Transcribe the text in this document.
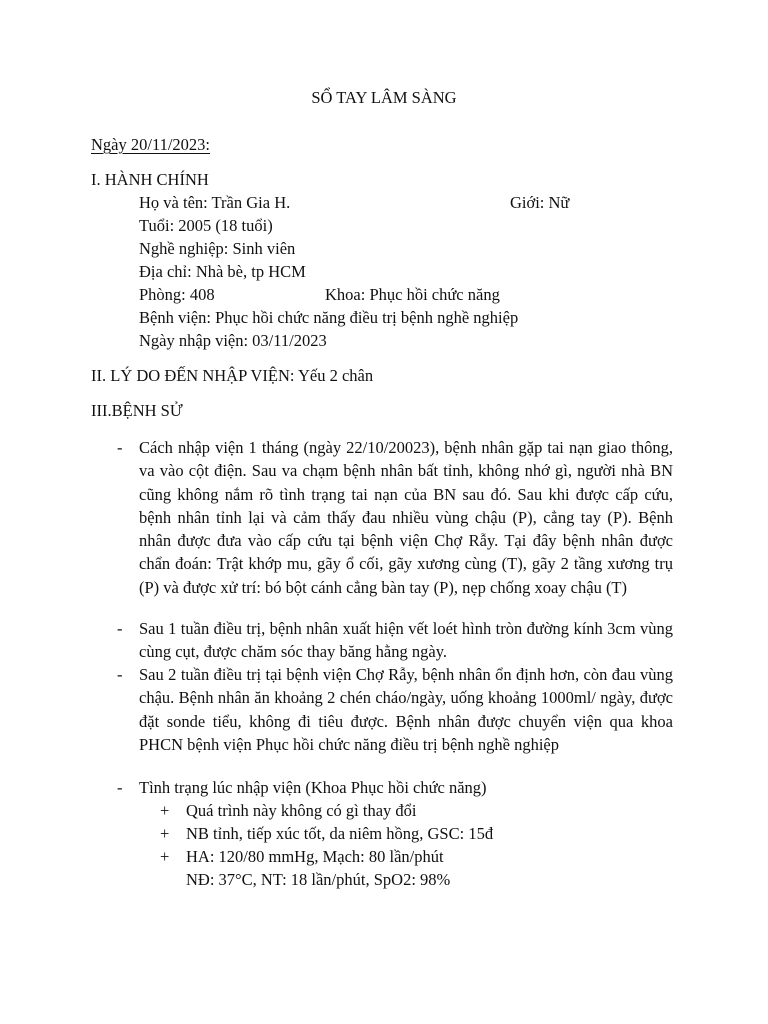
SỔ TAY LÂM SÀNG
Ngày 20/11/2023:
I. HÀNH CHÍNH
Họ và tên: Trần Gia H.	Giới: Nữ
Tuổi: 2005 (18 tuổi)
Nghề nghiệp: Sinh viên
Địa chỉ: Nhà bè, tp HCM
Phòng: 408	Khoa: Phục hồi chức năng
Bệnh viện: Phục hồi chức năng điều trị bệnh nghề nghiệp
Ngày nhập viện: 03/11/2023
II. LÝ DO ĐẾN NHẬP VIỆN: Yếu 2 chân
III.BỆNH SỬ
- Cách nhập viện 1 tháng (ngày 22/10/20023), bệnh nhân gặp tai nạn giao thông, va vào cột điện. Sau va chạm bệnh nhân bất tỉnh, không nhớ gì, người nhà BN cũng không nắm rõ tình trạng tai nạn của BN sau đó. Sau khi được cấp cứu, bệnh nhân tỉnh lại và cảm thấy đau nhiều vùng chậu (P), cẳng tay (P). Bệnh nhân được đưa vào cấp cứu tại bệnh viện Chợ Rẫy. Tại đây bệnh nhân được chẩn đoán: Trật khớp mu, gãy ổ cối, gãy xương cùng (T), gãy 2 tầng xương trụ (P) và được xử trí: bó bột cánh cẳng bàn tay (P), nẹp chống xoay chậu (T)
- Sau 1 tuần điều trị, bệnh nhân xuất hiện vết loét hình tròn đường kính 3cm vùng cùng cụt, được chăm sóc thay băng hằng ngày.
- Sau 2 tuần điều trị tại bệnh viện Chợ Rẫy, bệnh nhân ổn định hơn, còn đau vùng chậu. Bệnh nhân ăn khoảng 2 chén cháo/ngày, uống khoảng 1000ml/ ngày, được đặt sonde tiểu, không đi tiêu được. Bệnh nhân được chuyển viện qua khoa PHCN bệnh viện Phục hồi chức năng điều trị bệnh nghề nghiệp
- Tình trạng lúc nhập viện (Khoa Phục hồi chức năng)
+ Quá trình này không có gì thay đổi
+ NB tỉnh, tiếp xúc tốt, da niêm hồng, GSC: 15đ
+ HA: 120/80 mmHg, Mạch: 80 lần/phút
NĐ: 37°C, NT: 18 lần/phút, SpO2: 98%
